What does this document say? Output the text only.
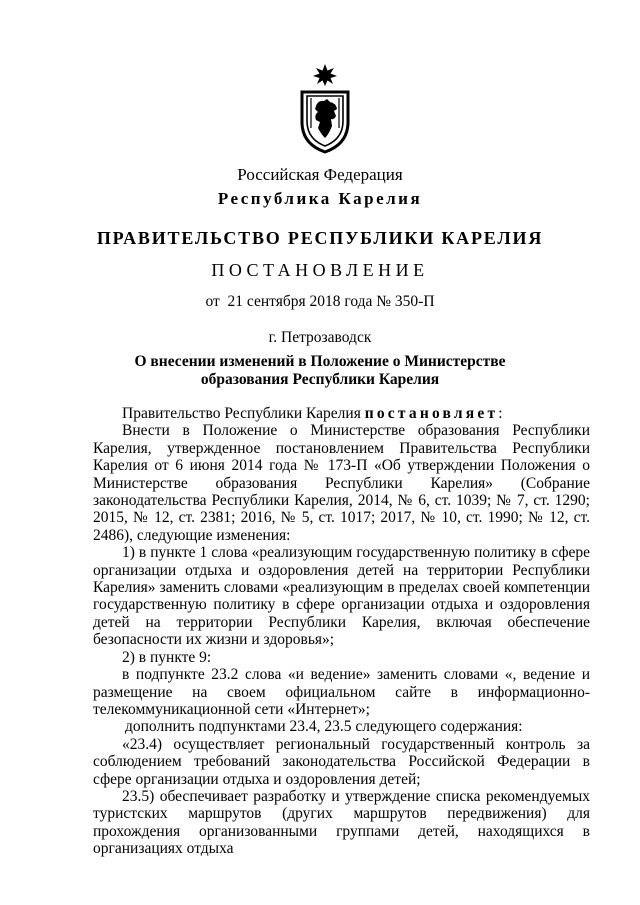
Российская Федерация
Республика Карелия
ПРАВИТЕЛЬСТВО РЕСПУБЛИКИ КАРЕЛИЯ
ПОСТАНОВЛЕНИЕ
от  21 сентября 2018 года № 350-П
г. Петрозаводск
О внесении изменений в Положение о Министерстве
образования Республики Карелия

Правительство Республики Карелия постановляет:

Внести в Положение о Министерстве образования Республики Карелия, утвержденное постановлением Правительства Республики Карелия от 6 июня 2014 года № 173-П «Об утверждении Положения о Министерстве образования Республики Карелия» (Собрание законодательства Республики Карелия, 2014, № 6, ст. 1039; № 7, ст. 1290; 2015, № 12, ст. 2381; 2016, № 5, ст. 1017; 2017, № 10, ст. 1990; № 12, ст. 2486), следующие изменения:

1) в пункте 1 слова «реализующим государственную политику в сфере организации отдыха и оздоровления детей на территории Республики Карелия» заменить словами «реализующим в пределах своей компетенции государственную политику в сфере организации отдыха и оздоровления детей на территории Республики Карелия, включая обеспечение безопасности их жизни и здоровья»;

2) в пункте 9:

в подпункте 23.2 слова «и ведение» заменить словами «, ведение и размещение на своем официальном сайте в информационно-телекоммуникационной сети «Интернет»;

дополнить подпунктами 23.4, 23.5 следующего содержания:

«23.4) осуществляет региональный государственный контроль за соблюдением требований законодательства Российской Федерации в сфере организации отдыха и оздоровления детей;

23.5) обеспечивает разработку и утверждение списка рекомендуемых туристских маршрутов (других маршрутов передвижения) для прохождения организованными группами детей, находящихся в организациях отдыха
